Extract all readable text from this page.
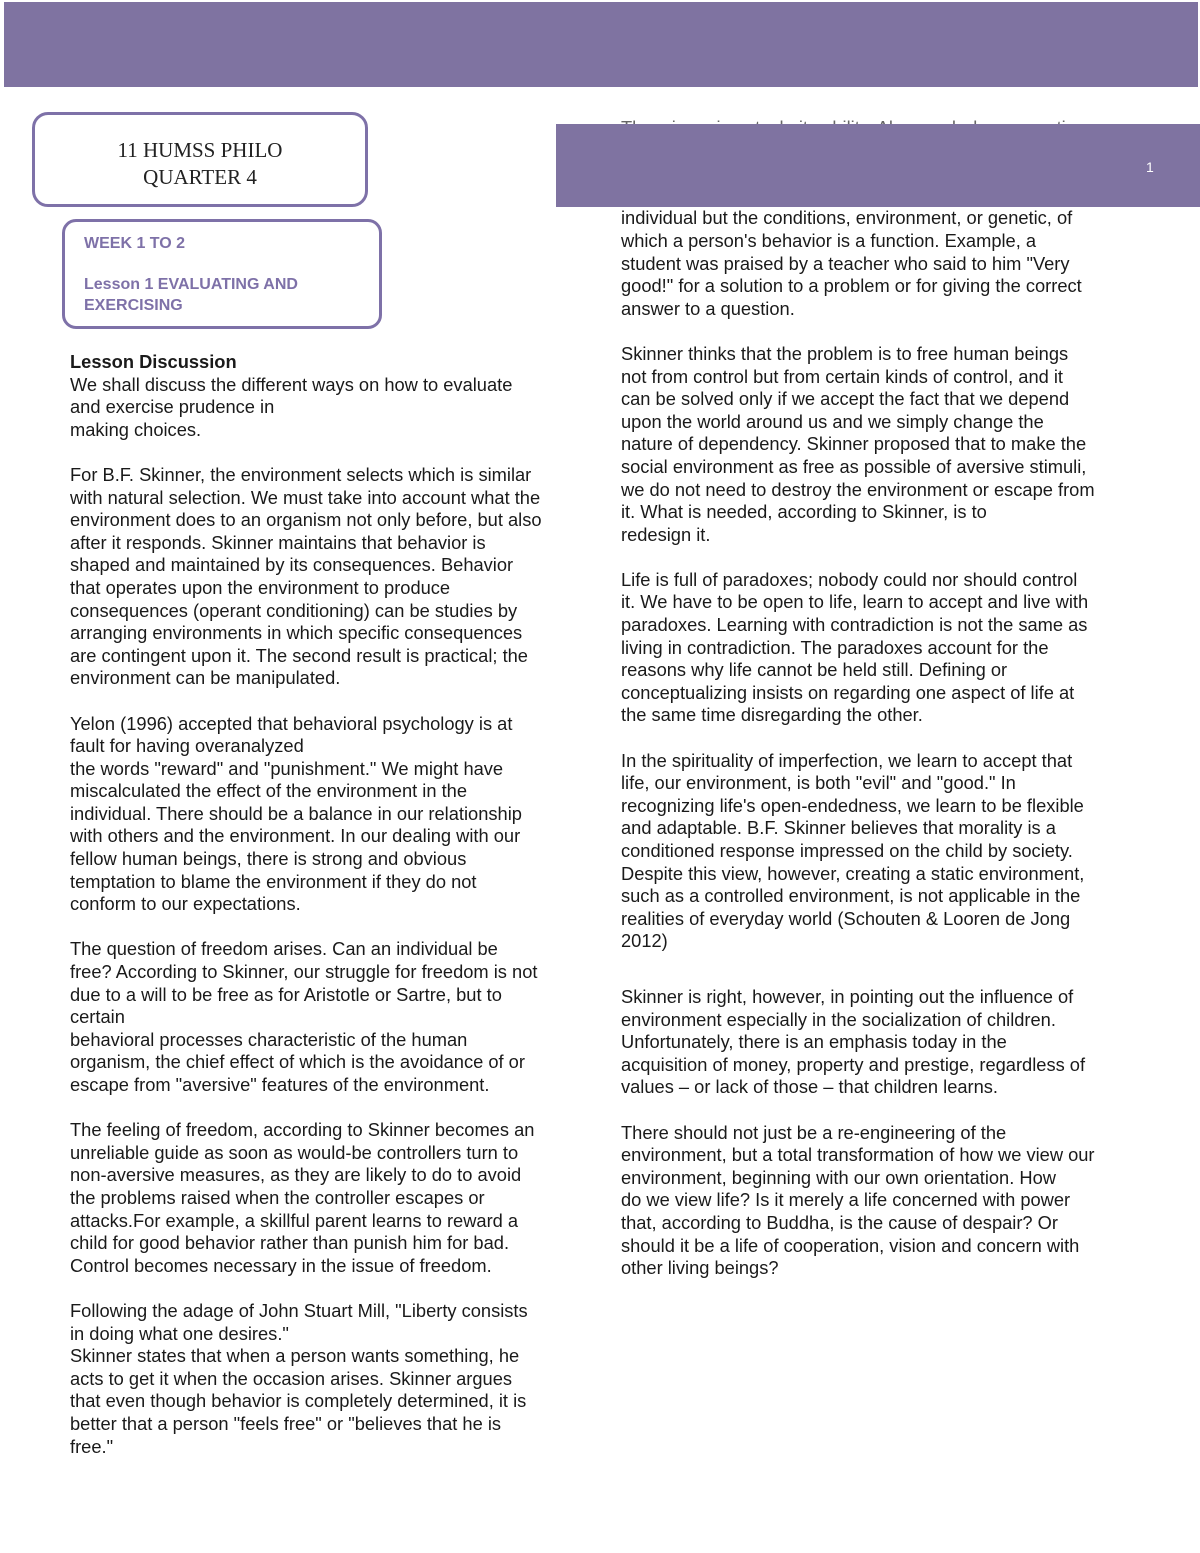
11 HUMSS PHILO
QUARTER 4
WEEK 1 TO 2
Lesson 1 EVALUATING AND EXERCISING
Lesson Discussion

We shall discuss the different ways on how to evaluate
and exercise prudence in
making choices.

For B.F. Skinner, the environment selects which is similar
with natural selection. We must take into account what the
environment does to an organism not only before, but also
after it responds. Skinner maintains that behavior is
shaped and maintained by its consequences. Behavior
that operates upon the environment to produce
consequences (operant conditioning) can be studies by
arranging environments in which specific consequences
are contingent upon it. The second result is practical; the
environment can be manipulated.

Yelon (1996) accepted that behavioral psychology is at
fault for having overanalyzed
the words "reward" and "punishment." We might have
miscalculated the effect of the environment in the
individual. There should be a balance in our relationship
with others and the environment. In our dealing with our
fellow human beings, there is strong and obvious
temptation to blame the environment if they do not
conform to our expectations.

The question of freedom arises. Can an individual be
free? According to Skinner, our struggle for freedom is not
due to a will to be free as for Aristotle or Sartre, but to
certain
behavioral processes characteristic of the human
organism, the chief effect of which is the avoidance of or
escape from "aversive" features of the environment.

The feeling of freedom, according to Skinner becomes an
unreliable guide as soon as would-be controllers turn to
non-aversive measures, as they are likely to do to avoid
the problems raised when the controller escapes or
attacks.For example, a skillful parent learns to reward a
child for good behavior rather than punish him for bad.
Control becomes necessary in the issue of freedom.

Following the adage of John Stuart Mill, "Liberty consists
in doing what one desires."
Skinner states that when a person wants something, he
acts to get it when the occasion arises. Skinner argues
that even though behavior is completely determined, it is
better that a person "feels free" or "believes that he is
free."

individual but the conditions, environment, or genetic, of
which a person's behavior is a function. Example, a
student was praised by a teacher who said to him "Very
good!" for a solution to a problem or for giving the correct
answer to a question.

Skinner thinks that the problem is to free human beings
not from control but from certain kinds of control, and it
can be solved only if we accept the fact that we depend
upon the world around us and we simply change the
nature of dependency. Skinner proposed that to make the
social environment as free as possible of aversive stimuli,
we do not need to destroy the environment or escape from
it. What is needed, according to Skinner, is to
redesign it.

Life is full of paradoxes; nobody could nor should control
it. We have to be open to life, learn to accept and live with
paradoxes. Learning with contradiction is not the same as
living in contradiction. The paradoxes account for the
reasons why life cannot be held still. Defining or
conceptualizing insists on regarding one aspect of life at
the same time disregarding the other.

In the spirituality of imperfection, we learn to accept that
life, our environment, is both "evil" and "good." In
recognizing life's open-endedness, we learn to be flexible
and adaptable. B.F. Skinner believes that morality is a
conditioned response impressed on the child by society.
Despite this view, however, creating a static environment,
such as a controlled environment, is not applicable in the
realities of everyday world (Schouten & Looren de Jong
2012)

Skinner is right, however, in pointing out the influence of
environment especially in the socialization of children.
Unfortunately, there is an emphasis today in the
acquisition of money, property and prestige, regardless of
values – or lack of those – that children learns.

There should not just be a re-engineering of the
environment, but a total transformation of how we view our
environment, beginning with our own orientation. How
do we view life? Is it merely a life concerned with power
that, according to Buddha, is the cause of despair? Or
should it be a life of cooperation, vision and concern with
other living beings?

1
